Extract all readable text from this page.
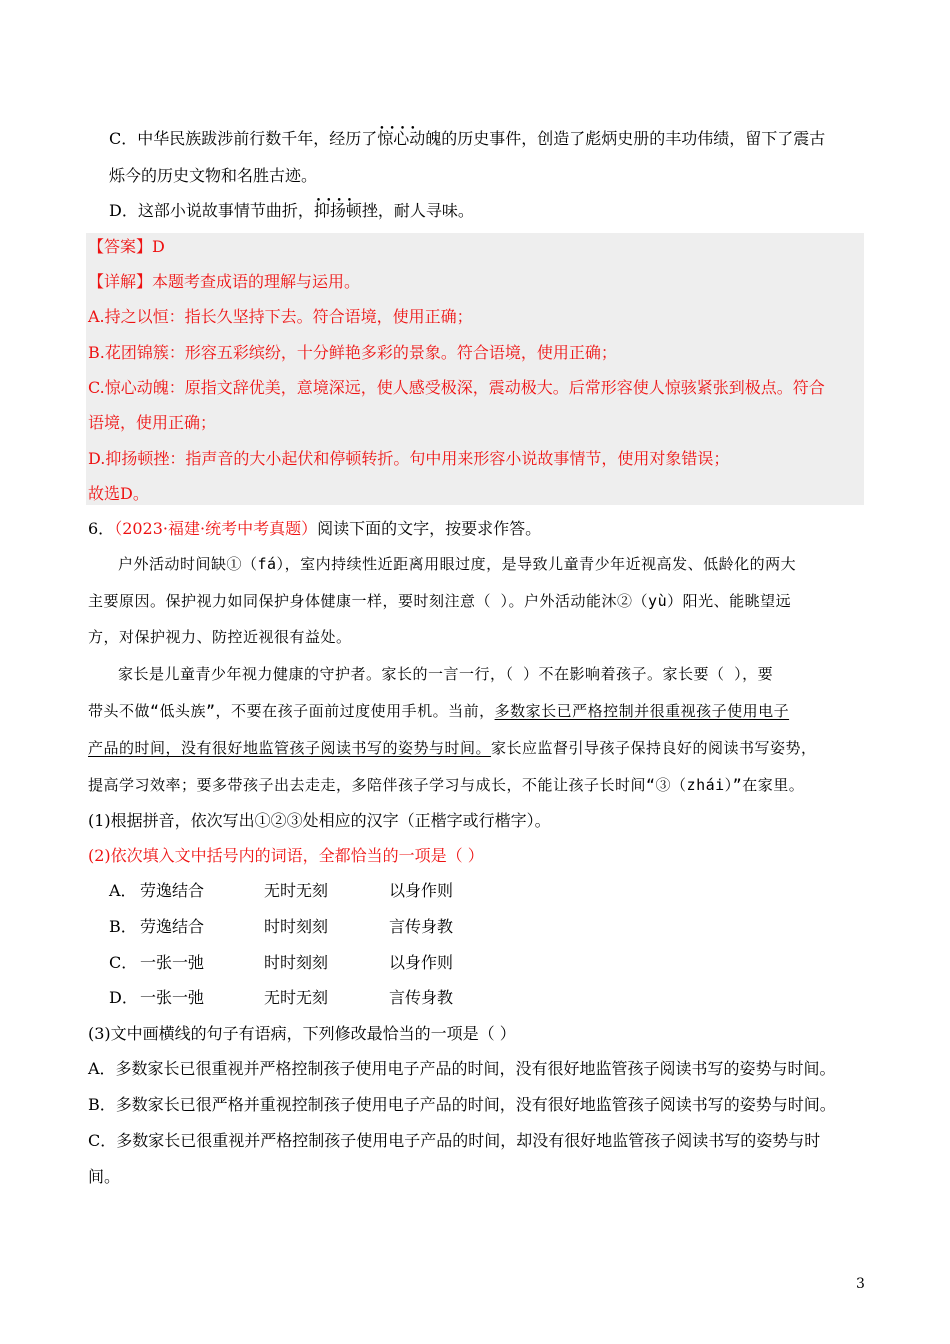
C．中华民族跋涉前行数千年，经历了•••• 惊心动魄的历史事件，创造了彪炳史册的丰功伟绩，留下了震古
烁今的历史文物和名胜古迹。
D．这部小说故事情节曲折，•••• 抑扬顿挫，耐人寻味。
【答案】D
【详解】本题考查成语的理解与运用。
A.持之以恒：指长久坚持下去。符合语境，使用正确；
B.花团锦簇：形容五彩缤纷，十分鲜艳多彩的景象。符合语境，使用正确；
C.惊心动魄：原指文辞优美，意境深远，使人感受极深，震动极大。后常形容使人惊骇紧张到极点。符合
语境，使用正确；
D.抑扬顿挫：指声音的大小起伏和停顿转折。句中用来形容小说故事情节，使用对象错误；
故选D。
6．（2023·福建·统考中考真题）阅读下面的文字，按要求作答。
户外活动时间缺①（fá），室内持续性近距离用眼过度，是导致儿童青少年近视高发、低龄化的两大
主要原因。保护视力如同保护身体健康一样，要时刻注意（ ）。户外活动能沐②（yù）阳光、能眺望远
方，对保护视力、防控近视很有益处。
家长是儿童青少年视力健康的守护者。家长的一言一行，（ ）不在影响着孩子。家长要（ ），要
带头不做“低头族”，不要在孩子面前过度使用手机。当前，多数家长已严格控制并很重视孩子使用电子
产品的时间，没有很好地监管孩子阅读书写的姿势与时间。家长应监督引导孩子保持良好的阅读书写姿势，
提高学习效率；要多带孩子出去走走，多陪伴孩子学习与成长，不能让孩子长时间“③（zhái）”在家里。
(1)根据拼音，依次写出①②③处相应的汉字（正楷字或行楷字）。
(2)依次填入文中括号内的词语，全都恰当的一项是（ ）
A． 劳逸结合	无时无刻	以身作则
B． 劳逸结合	时时刻刻	言传身教
C． 一张一弛	时时刻刻	以身作则
D． 一张一弛	无时无刻	言传身教
(3)文中画横线的句子有语病，下列修改最恰当的一项是（ ）
A．多数家长已很重视并严格控制孩子使用电子产品的时间，没有很好地监管孩子阅读书写的姿势与时间。
B．多数家长已很严格并重视控制孩子使用电子产品的时间，没有很好地监管孩子阅读书写的姿势与时间。
C．多数家长已很重视并严格控制孩子使用电子产品的时间，却没有很好地监管孩子阅读书写的姿势与时
间。
3
